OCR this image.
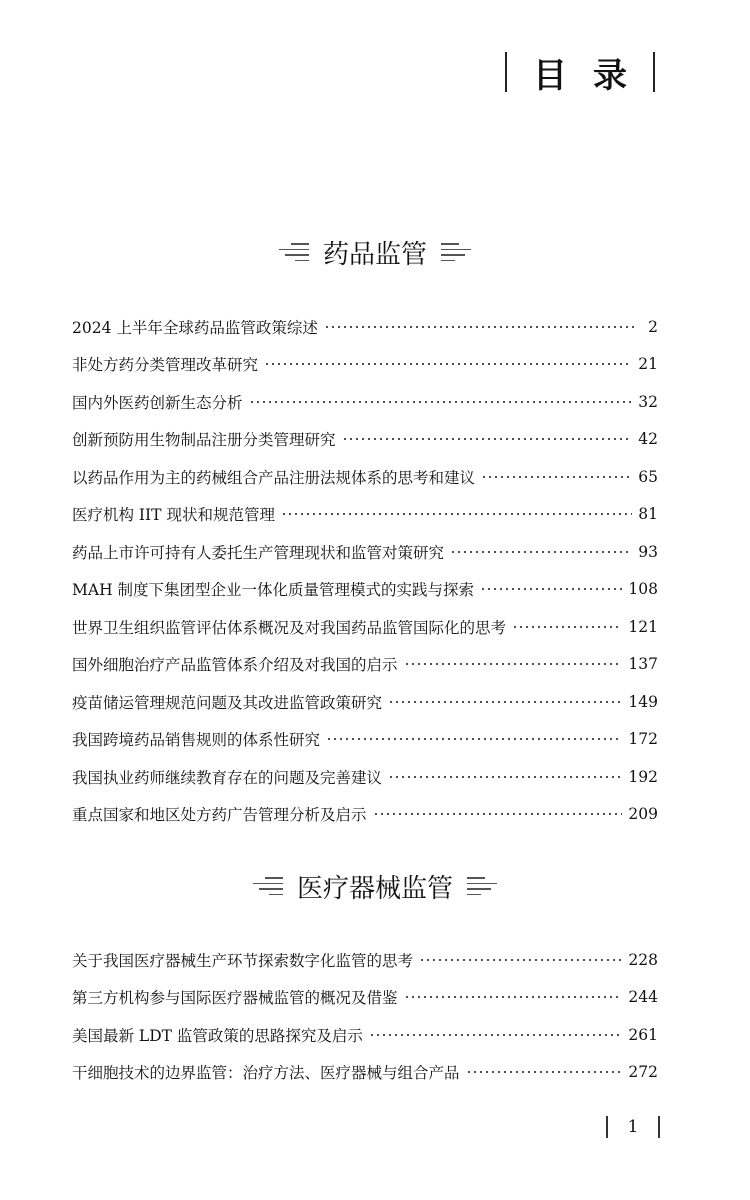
目 录
药品监管
2024 上半年全球药品监管政策综述	2
非处方药分类管理改革研究	21
国内外医药创新生态分析	32
创新预防用生物制品注册分类管理研究	42
以药品作用为主的药械组合产品注册法规体系的思考和建议	65
医疗机构 IIT 现状和规范管理	81
药品上市许可持有人委托生产管理现状和监管对策研究	93
MAH 制度下集团型企业一体化质量管理模式的实践与探索	108
世界卫生组织监管评估体系概况及对我国药品监管国际化的思考	121
国外细胞治疗产品监管体系介绍及对我国的启示	137
疫苗储运管理规范问题及其改进监管政策研究	149
我国跨境药品销售规则的体系性研究	172
我国执业药师继续教育存在的问题及完善建议	192
重点国家和地区处方药广告管理分析及启示	209
医疗器械监管
关于我国医疗器械生产环节探索数字化监管的思考	228
第三方机构参与国际医疗器械监管的概况及借鉴	244
美国最新 LDT 监管政策的思路探究及启示	261
干细胞技术的边界监管：治疗方法、医疗器械与组合产品	272
1
